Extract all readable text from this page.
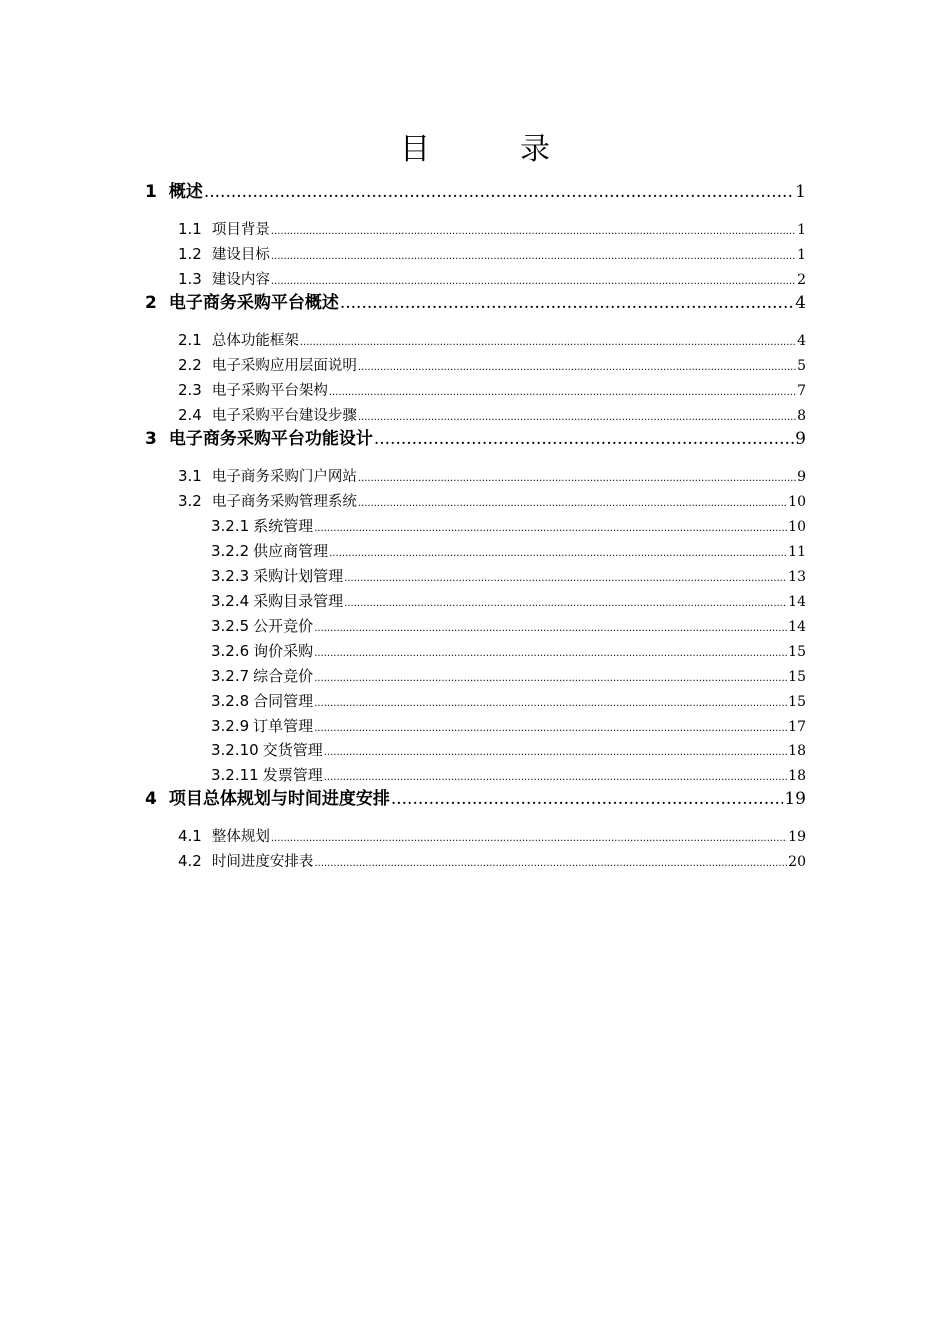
目　录
1 概述 .....	1
1.1 项目背景 .....	1
1.2 建设目标 .....	1
1.3 建设内容 .....	2
2 电子商务采购平台概述 .....	4
2.1 总体功能框架 .....	4
2.2 电子采购应用层面说明 .....	5
2.3 电子采购平台架构 .....	7
2.4 电子采购平台建设步骤 .....	8
3 电子商务采购平台功能设计 .....	9
3.1 电子商务采购门户网站 .....	9
3.2 电子商务采购管理系统 .....	10
3.2.1 系统管理 .....	10
3.2.2 供应商管理 .....	11
3.2.3 采购计划管理 .....	13
3.2.4 采购目录管理 .....	14
3.2.5 公开竞价 .....	14
3.2.6 询价采购 .....	15
3.2.7 综合竞价 .....	15
3.2.8 合同管理 .....	15
3.2.9 订单管理 .....	17
3.2.10 交货管理 .....	18
3.2.11 发票管理 .....	18
4 项目总体规划与时间进度安排 .....	19
4.1 整体规划 .....	19
4.2 时间进度安排表 .....	20
